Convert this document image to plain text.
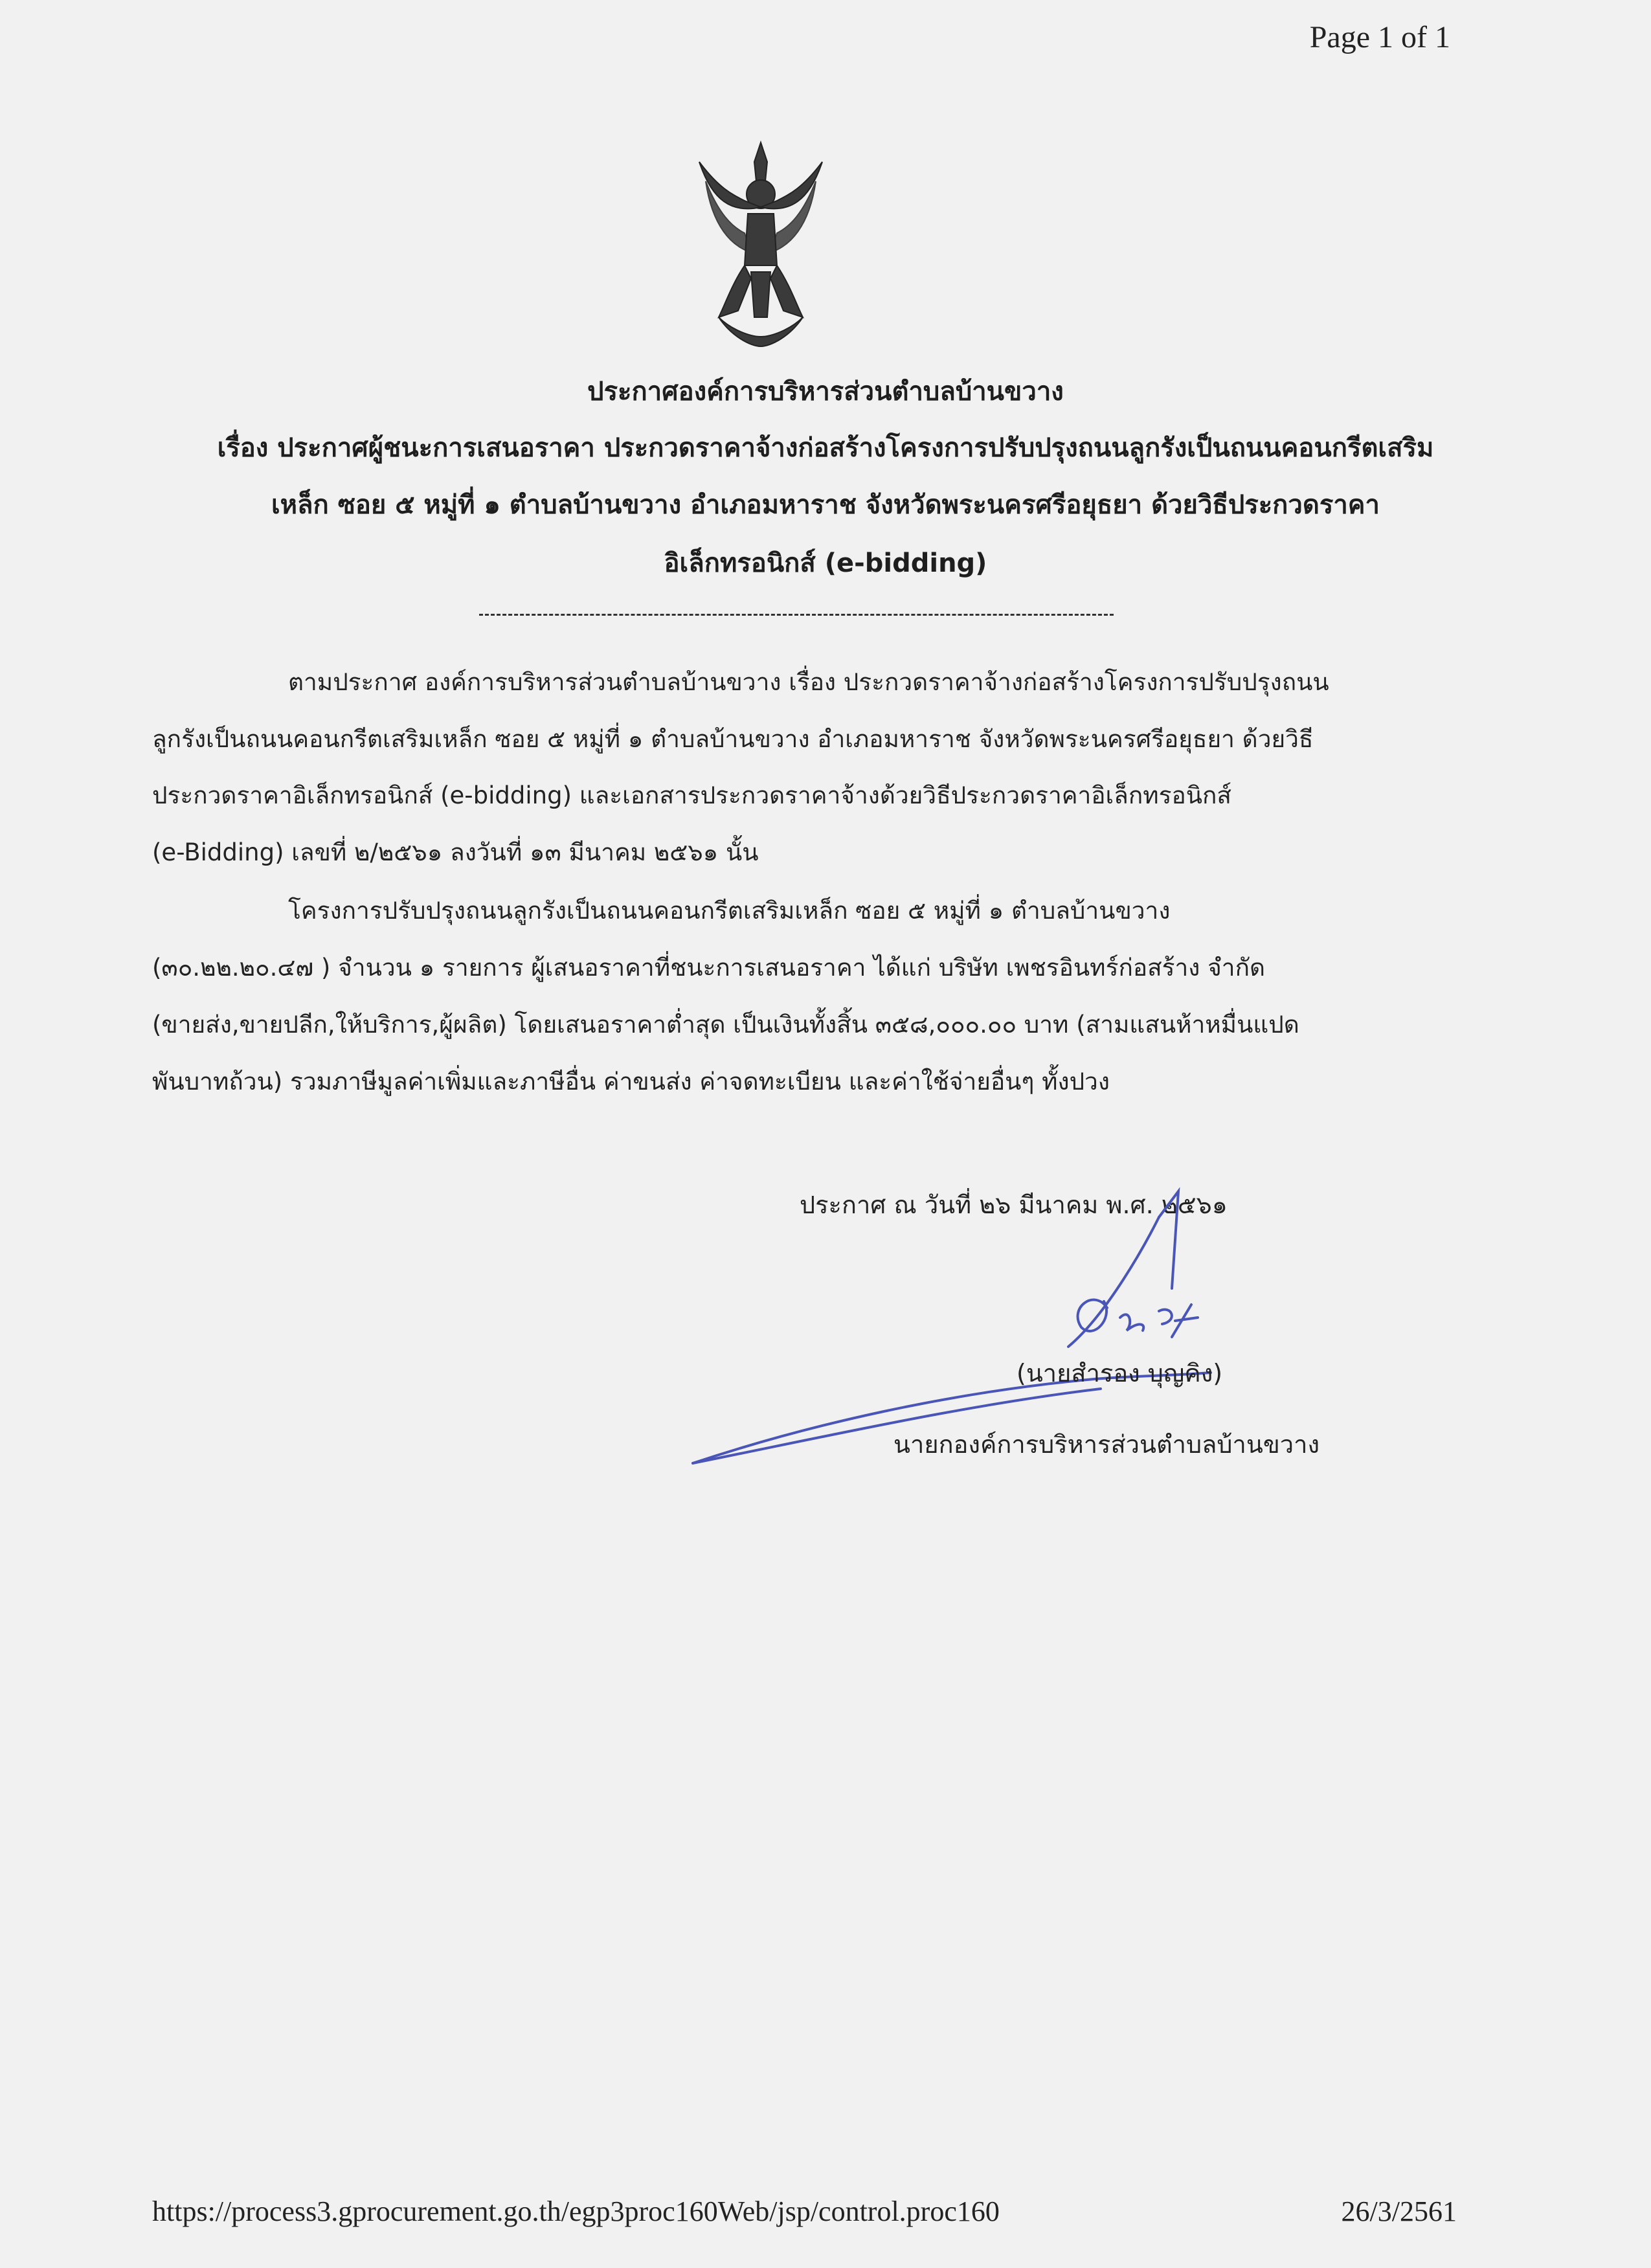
Page 1 of 1
ประกาศองค์การบริหารส่วนตำบลบ้านขวาง
เรื่อง ประกาศผู้ชนะการเสนอราคา ประกวดราคาจ้างก่อสร้างโครงการปรับปรุงถนนลูกรังเป็นถนนคอนกรีตเสริม
เหล็ก ซอย ๕ หมู่ที่ ๑ ตำบลบ้านขวาง อำเภอมหาราช จังหวัดพระนครศรีอยุธยา ด้วยวิธีประกวดราคา
อิเล็กทรอนิกส์ (e-bidding)
ตามประกาศ องค์การบริหารส่วนตำบลบ้านขวาง เรื่อง ประกวดราคาจ้างก่อสร้างโครงการปรับปรุงถนน
ลูกรังเป็นถนนคอนกรีตเสริมเหล็ก ซอย ๕ หมู่ที่ ๑ ตำบลบ้านขวาง อำเภอมหาราช จังหวัดพระนครศรีอยุธยา ด้วยวิธี
ประกวดราคาอิเล็กทรอนิกส์ (e-bidding) และเอกสารประกวดราคาจ้างด้วยวิธีประกวดราคาอิเล็กทรอนิกส์
(e-Bidding) เลขที่ ๒/๒๕๖๑ ลงวันที่ ๑๓ มีนาคม ๒๕๖๑ นั้น
โครงการปรับปรุงถนนลูกรังเป็นถนนคอนกรีตเสริมเหล็ก ซอย ๕ หมู่ที่ ๑ ตำบลบ้านขวาง
(๓๐.๒๒.๒๐.๔๗ ) จำนวน ๑ รายการ ผู้เสนอราคาที่ชนะการเสนอราคา ได้แก่ บริษัท เพชรอินทร์ก่อสร้าง จำกัด
(ขายส่ง,ขายปลีก,ให้บริการ,ผู้ผลิต) โดยเสนอราคาต่ำสุด เป็นเงินทั้งสิ้น ๓๕๘,๐๐๐.๐๐ บาท (สามแสนห้าหมื่นแปด
พันบาทถ้วน) รวมภาษีมูลค่าเพิ่มและภาษีอื่น ค่าขนส่ง ค่าจดทะเบียน และค่าใช้จ่ายอื่นๆ ทั้งปวง
ประกาศ ณ วันที่ ๒๖ มีนาคม พ.ศ. ๒๕๖๑
(นายสำรอง บุญคิง)
นายกองค์การบริหารส่วนตำบลบ้านขวาง
https://process3.gprocurement.go.th/egp3proc160Web/jsp/control.proc160	26/3/2561
